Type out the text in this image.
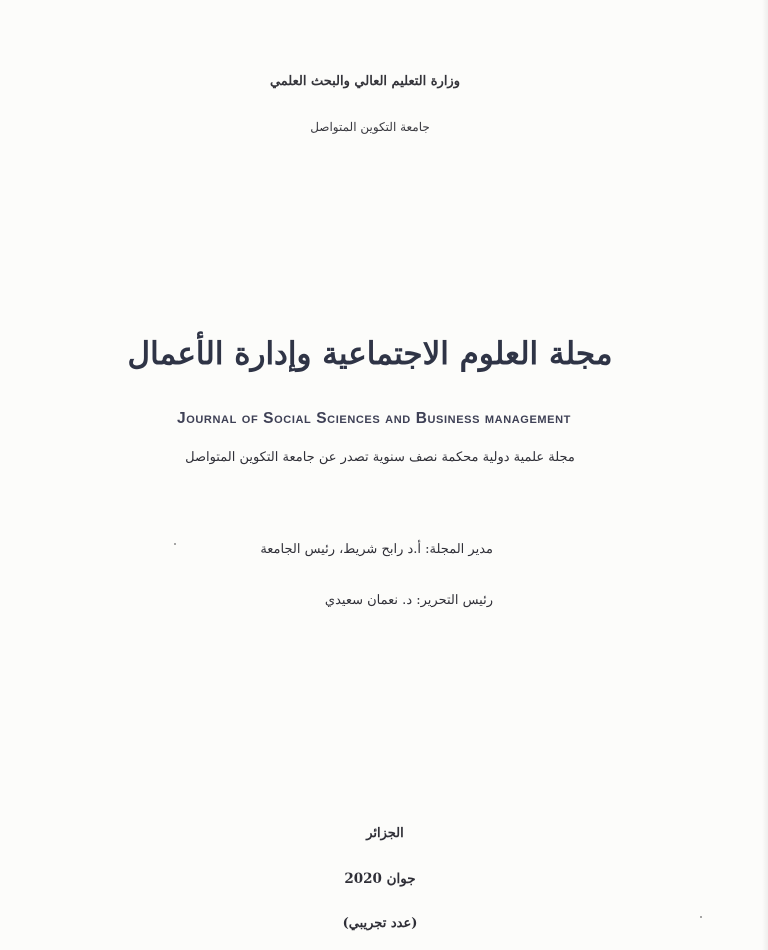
وزارة التعليم العالي والبحث العلمي
جامعة التكوين المتواصل
مجلة العلوم الاجتماعية وإدارة الأعمال
Journal of Social Sciences and Business management
مجلة علمية دولية محكمة نصف سنوية تصدر عن جامعة التكوين المتواصل
مدير المجلة: أ.د رابح شريط، رئيس الجامعة
رئيس التحرير: د. نعمان سعيدي
الجزائر
جوان 2020
(عدد تجريبي)
